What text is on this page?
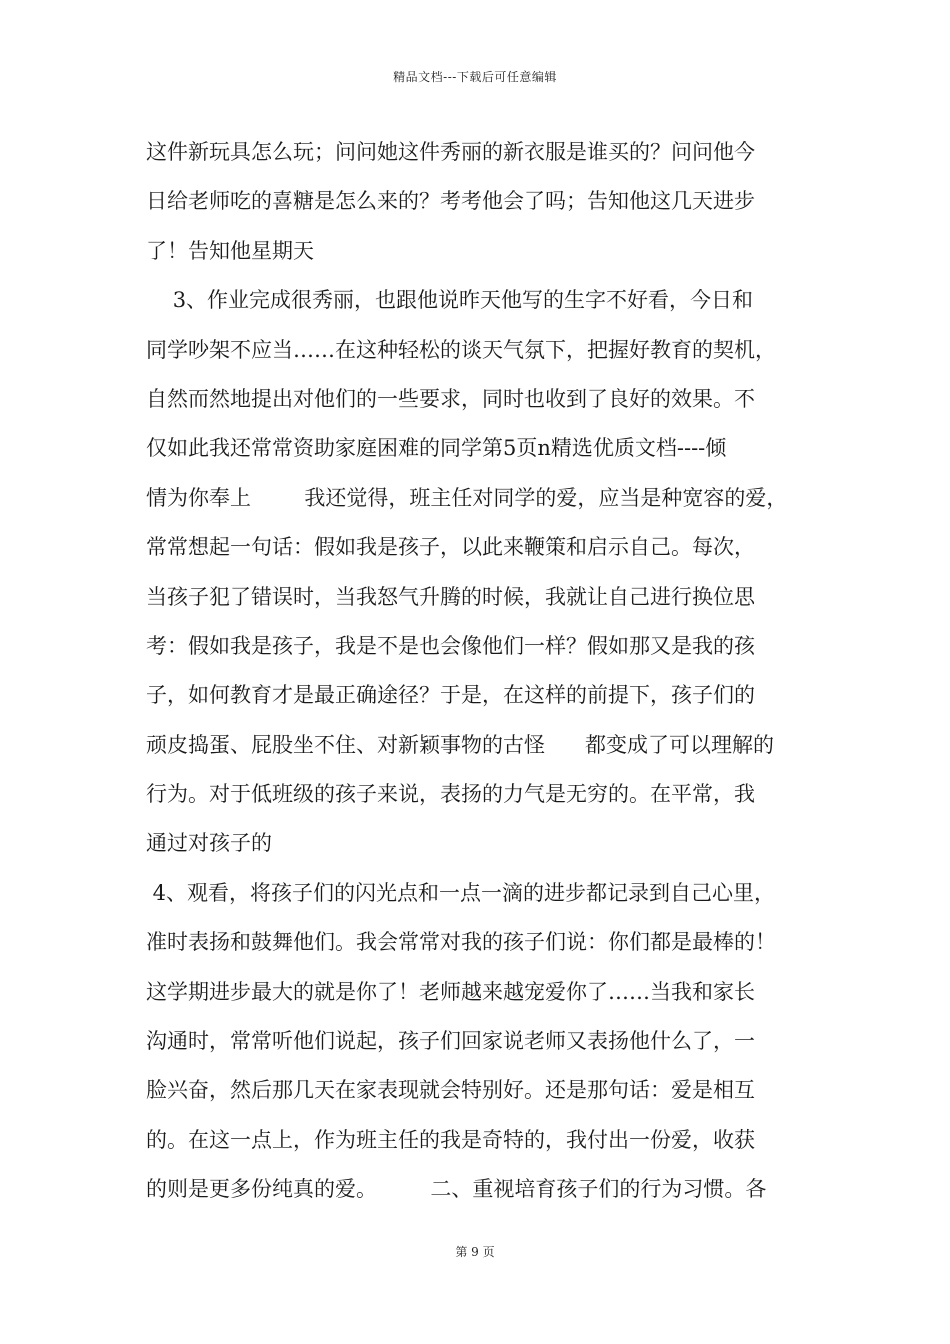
精品文档---下载后可任意编辑
这件新玩具怎么玩；问问她这件秀丽的新衣服是谁买的？问问他今
日给老师吃的喜糖是怎么来的？考考他会了吗；告知他这几天进步
了！告知他星期天
3、作业完成很秀丽，也跟他说昨天他写的生字不好看，今日和
同学吵架不应当……在这种轻松的谈天气氛下，把握好教育的契机，
自然而然地提出对他们的一些要求，同时也收到了良好的效果。不
仅如此我还常常资助家庭困难的同学第5页n精选优质文档----倾
情为你奉上        我还觉得，班主任对同学的爱，应当是种宽容的爱，
常常想起一句话：假如我是孩子，以此来鞭策和启示自己。每次，
当孩子犯了错误时，当我怒气升腾的时候，我就让自己进行换位思
考：假如我是孩子，我是不是也会像他们一样？假如那又是我的孩
子，如何教育才是最正确途径？于是，在这样的前提下，孩子们的
顽皮捣蛋、屁股坐不住、对新颖事物的古怪      都变成了可以理解的
行为。对于低班级的孩子来说，表扬的力气是无穷的。在平常，我
通过对孩子的
4、观看，将孩子们的闪光点和一点一滴的进步都记录到自己心里，
准时表扬和鼓舞他们。我会常常对我的孩子们说：你们都是最棒的！
这学期进步最大的就是你了！老师越来越宠爱你了……当我和家长
沟通时，常常听他们说起，孩子们回家说老师又表扬他什么了，一
脸兴奋，然后那几天在家表现就会特别好。还是那句话：爱是相互
的。在这一点上，作为班主任的我是奇特的，我付出一份爱，收获
的则是更多份纯真的爱。        二、重视培育孩子们的行为习惯。各
第 9 页
